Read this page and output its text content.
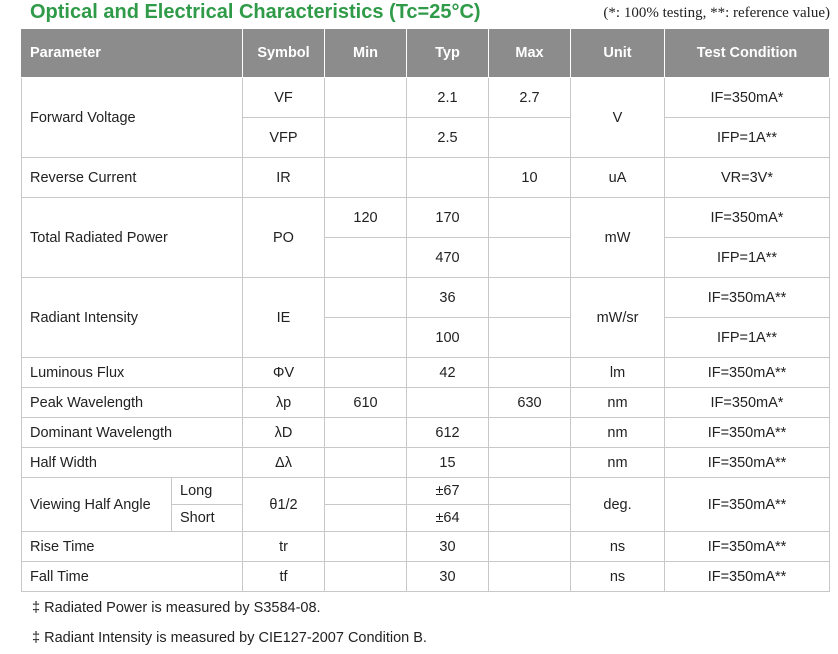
Optical and Electrical Characteristics (Tc=25°C)	(*: 100% testing, **: reference value)
Parameter		Symbol	Min	Typ	Max	Unit	Test Condition
Forward Voltage		VF		2.1	2.7	V	IF=350mA*
		VFP		2.5			IFP=1A**
Reverse Current		IR			10	uA	VR=3V*
Total Radiated Power		PO	120	170		mW	IF=350mA*
				470			IFP=1A**
Radiant Intensity		IE		36		mW/sr	IF=350mA**
				100			IFP=1A**
Luminous Flux		ΦV		42		lm	IF=350mA**
Peak Wavelength		λp	610		630	nm	IF=350mA*
Dominant Wavelength		λD		612		nm	IF=350mA**
Half Width		Δλ		15		nm	IF=350mA**
Viewing Half Angle	Long	θ1/2		±67		deg.	IF=350mA**
	Short			±64			
Rise Time		tr		30		ns	IF=350mA**
Fall Time		tf		30		ns	IF=350mA**
‡ Radiated Power is measured by S3584-08.
‡ Radiant Intensity is measured by CIE127-2007 Condition B.
